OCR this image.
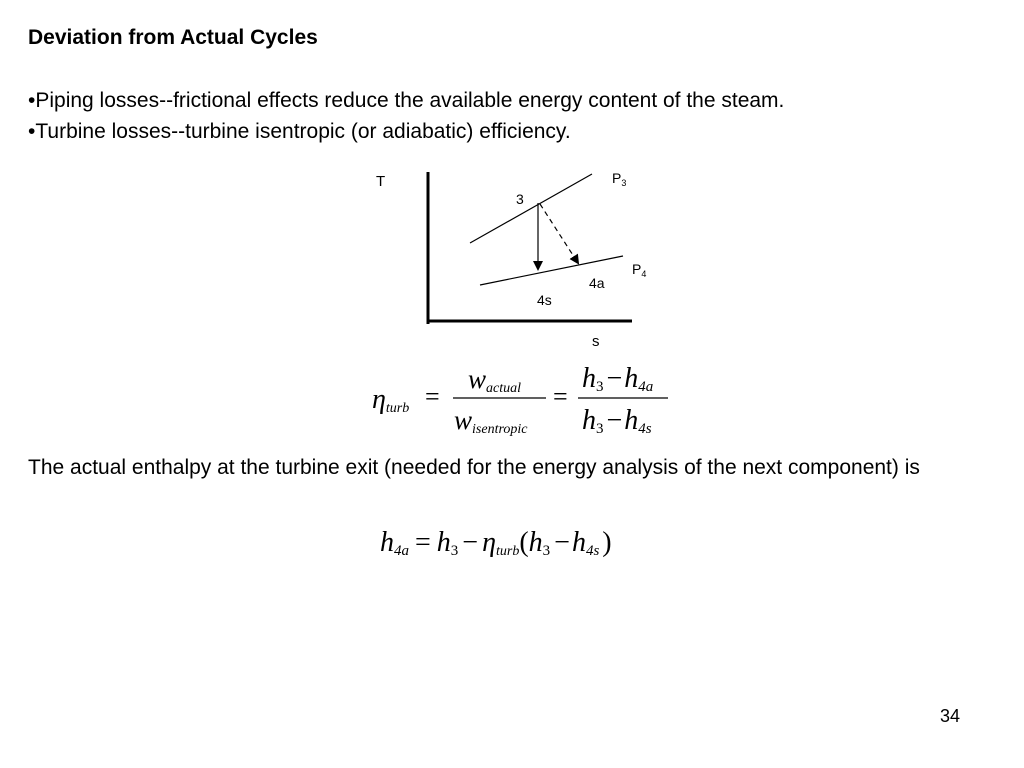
Deviation from Actual Cycles
•Piping losses--frictional effects reduce the available energy content of the steam.
•Turbine losses--turbine isentropic (or adiabatic) efficiency.
T
s
$P_3$
$P_4$
3
4a
4s
ηturb =
wactual
wisentropic
=
h3 −h4a
h3 −h4s
h4a = h3 − ηturb(h3 −h4s )
The actual enthalpy at the turbine exit (needed for the energy analysis of the next component) is
34
